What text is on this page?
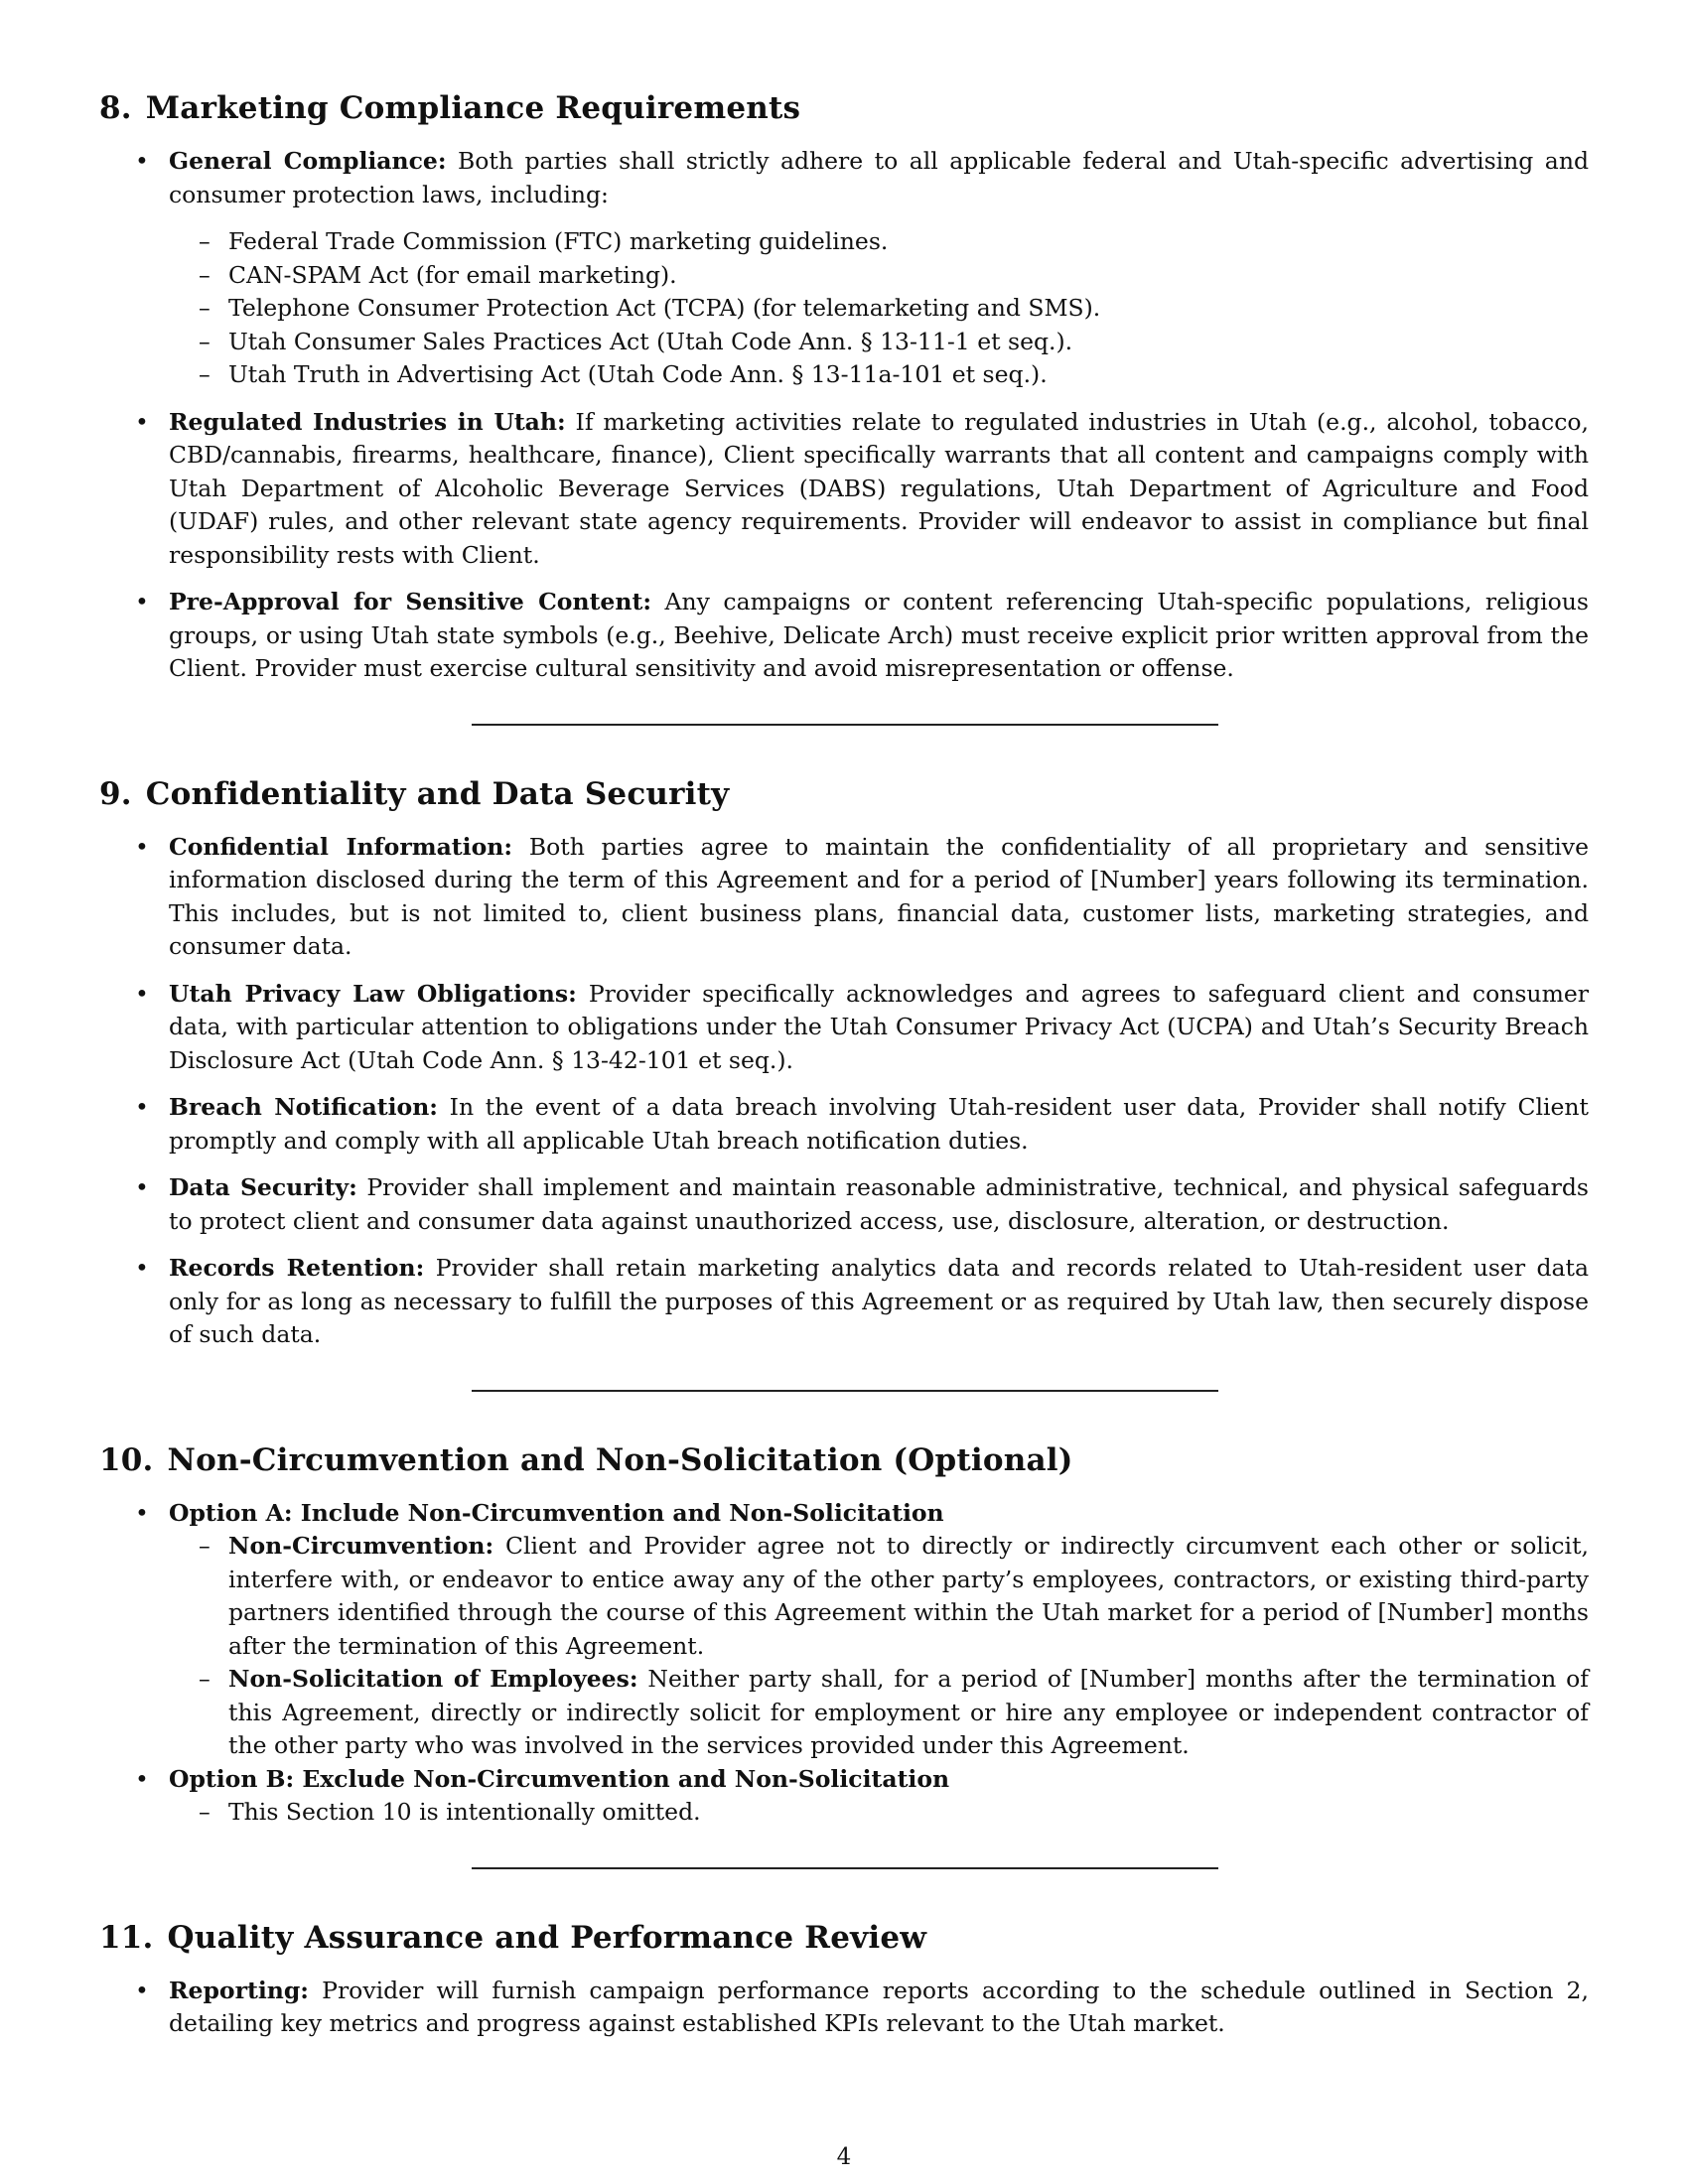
8. Marketing Compliance Requirements
• General Compliance: Both parties shall strictly adhere to all applicable federal and Utah-specific advertising and consumer protection laws, including:
– Federal Trade Commission (FTC) marketing guidelines.
– CAN-SPAM Act (for email marketing).
– Telephone Consumer Protection Act (TCPA) (for telemarketing and SMS).
– Utah Consumer Sales Practices Act (Utah Code Ann. § 13-11-1 et seq.).
– Utah Truth in Advertising Act (Utah Code Ann. § 13-11a-101 et seq.).
• Regulated Industries in Utah: If marketing activities relate to regulated industries in Utah (e.g., alcohol, tobacco, CBD/cannabis, firearms, healthcare, finance), Client specifically warrants that all content and campaigns comply with Utah Department of Alcoholic Beverage Services (DABS) regulations, Utah Department of Agriculture and Food (UDAF) rules, and other relevant state agency requirements. Provider will endeavor to assist in compliance but final responsibility rests with Client.
• Pre-Approval for Sensitive Content: Any campaigns or content referencing Utah-specific populations, religious groups, or using Utah state symbols (e.g., Beehive, Delicate Arch) must receive explicit prior written approval from the Client. Provider must exercise cultural sensitivity and avoid misrepresentation or offense.
9. Confidentiality and Data Security
• Confidential Information: Both parties agree to maintain the confidentiality of all proprietary and sensitive information disclosed during the term of this Agreement and for a period of [Number] years following its termination. This includes, but is not limited to, client business plans, financial data, customer lists, marketing strategies, and consumer data.
• Utah Privacy Law Obligations: Provider specifically acknowledges and agrees to safeguard client and consumer data, with particular attention to obligations under the Utah Consumer Privacy Act (UCPA) and Utah’s Security Breach Disclosure Act (Utah Code Ann. § 13-42-101 et seq.).
• Breach Notification: In the event of a data breach involving Utah-resident user data, Provider shall notify Client promptly and comply with all applicable Utah breach notification duties.
• Data Security: Provider shall implement and maintain reasonable administrative, technical, and physical safeguards to protect client and consumer data against unauthorized access, use, disclosure, alteration, or destruction.
• Records Retention: Provider shall retain marketing analytics data and records related to Utah-resident user data only for as long as necessary to fulfill the purposes of this Agreement or as required by Utah law, then securely dispose of such data.
10. Non-Circumvention and Non-Solicitation (Optional)
• Option A: Include Non-Circumvention and Non-Solicitation
– Non-Circumvention: Client and Provider agree not to directly or indirectly circumvent each other or solicit, interfere with, or endeavor to entice away any of the other party’s employees, contractors, or existing third-party partners identified through the course of this Agreement within the Utah market for a period of [Number] months after the termination of this Agreement.
– Non-Solicitation of Employees: Neither party shall, for a period of [Number] months after the termination of this Agreement, directly or indirectly solicit for employment or hire any employee or independent contractor of the other party who was involved in the services provided under this Agreement.
• Option B: Exclude Non-Circumvention and Non-Solicitation
– This Section 10 is intentionally omitted.
11. Quality Assurance and Performance Review
• Reporting: Provider will furnish campaign performance reports according to the schedule outlined in Section 2, detailing key metrics and progress against established KPIs relevant to the Utah market.
4
